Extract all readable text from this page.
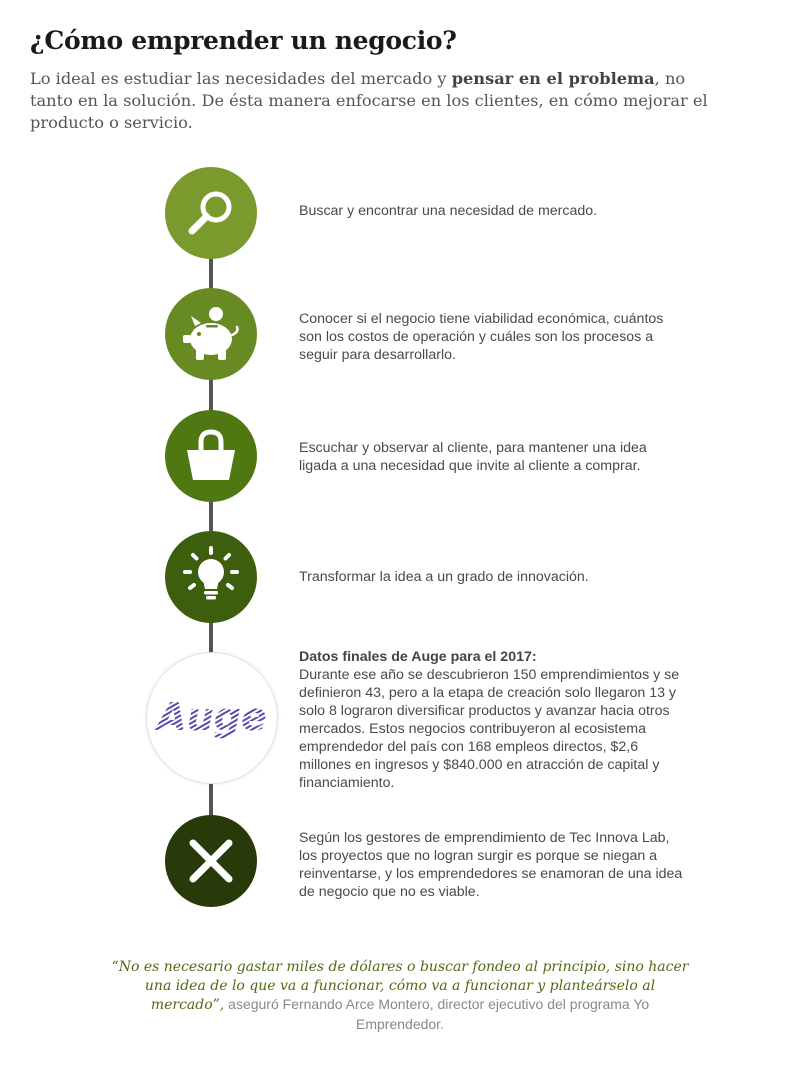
¿Cómo emprender un negocio?

Lo ideal es estudiar las necesidades del mercado y pensar en el problema, no tanto en la solución. De ésta manera enfocarse en los clientes, en cómo mejorar el producto o servicio.

Buscar y encontrar una necesidad de mercado.

Conocer si el negocio tiene viabilidad económica, cuántos son los costos de operación y cuáles son los procesos a seguir para desarrollarlo.

Escuchar y observar al cliente, para mantener una idea ligada a una necesidad que invite al cliente a comprar.

Transformar la idea a un grado de innovación.

Auge

Datos finales de Auge para el 2017:
Durante ese año se descubrieron 150 emprendimientos y se definieron 43, pero a la etapa de creación solo llegaron 13 y solo 8 lograron diversificar productos y avanzar hacia otros mercados. Estos negocios contribuyeron al ecosistema emprendedor del país con 168 empleos directos, $2,6 millones en ingresos y $840.000 en atracción de capital y financiamiento.

Según los gestores de emprendimiento de Tec Innova Lab, los proyectos que no logran surgir es porque se niegan a reinventarse, y los emprendedores se enamoran de una idea de negocio que no es viable.

“No es necesario gastar miles de dólares o buscar fondeo al principio, sino hacer una idea de lo que va a funcionar, cómo va a funcionar y planteárselo al mercado”, aseguró Fernando Arce Montero, director ejecutivo del programa Yo Emprendedor.
